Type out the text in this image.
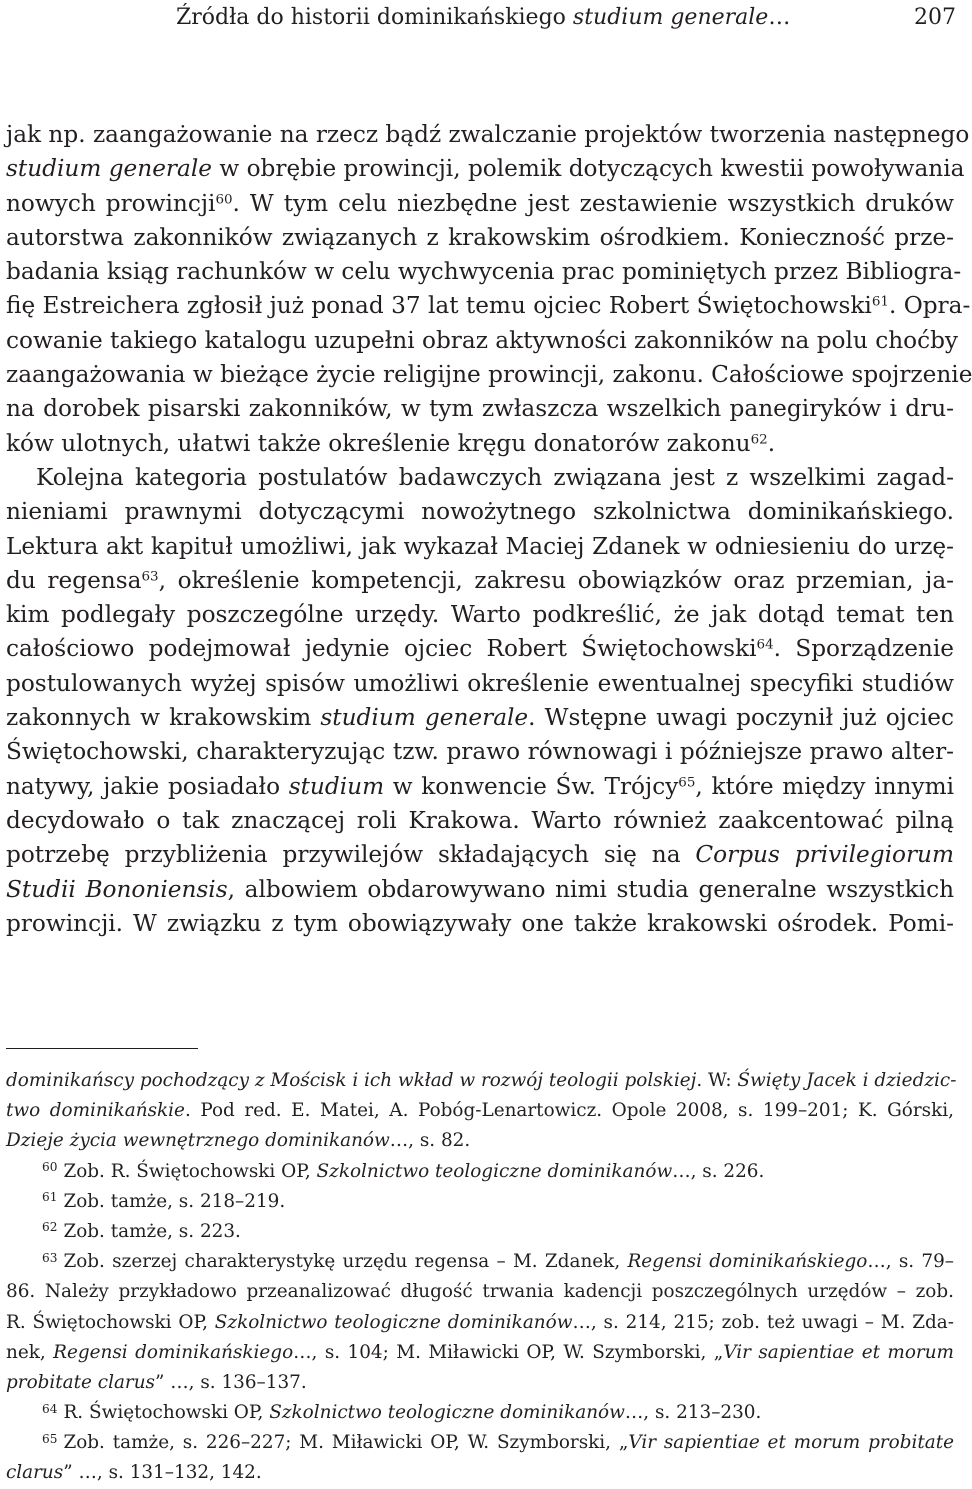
Źródła do historii dominikańskiego studium generale…	207
jak np. zaangażowanie na rzecz bądź zwalczanie projektów tworzenia następnego
studium generale w obrębie prowincji, polemik dotyczących kwestii powoływania
nowych prowincji$^{60}$. W tym celu niezbędne jest zestawienie wszystkich druków
autorstwa zakonników związanych z krakowskim ośrodkiem. Konieczność prze-
badania ksiąg rachunków w celu wychwycenia prac pominiętych przez Bibliogra-
fię Estreichera zgłosił już ponad 37 lat temu ojciec Robert Świętochowski$^{61}$. Opra-
cowanie takiego katalogu uzupełni obraz aktywności zakonników na polu choćby
zaangażowania w bieżące życie religijne prowincji, zakonu. Całościowe spojrzenie
na dorobek pisarski zakonników, w tym zwłaszcza wszelkich panegiryków i dru-
ków ulotnych, ułatwi także określenie kręgu donatorów zakonu$^{62}$.
Kolejna kategoria postulatów badawczych związana jest z wszelkimi zagad-
nieniami prawnymi dotyczącymi nowożytnego szkolnictwa dominikańskiego.
Lektura akt kapituł umożliwi, jak wykazał Maciej Zdanek w odniesieniu do urzę-
du regensa$^{63}$, określenie kompetencji, zakresu obowiązków oraz przemian, ja-
kim podlegały poszczególne urzędy. Warto podkreślić, że jak dotąd temat ten
całościowo podejmował jedynie ojciec Robert Świętochowski$^{64}$. Sporządzenie
postulowanych wyżej spisów umożliwi określenie ewentualnej specyfiki studiów
zakonnych w krakowskim studium generale. Wstępne uwagi poczynił już ojciec
Świętochowski, charakteryzując tzw. prawo równowagi i późniejsze prawo alter-
natywy, jakie posiadało studium w konwencie Św. Trójcy$^{65}$, które między innymi
decydowało o tak znaczącej roli Krakowa. Warto również zaakcentować pilną
potrzebę przybliżenia przywilejów składających się na Corpus privilegiorum
Studii Bononiensis, albowiem obdarowywano nimi studia generalne wszystkich
prowincji. W związku z tym obowiązywały one także krakowski ośrodek. Pomi-
dominikańscy pochodzący z Mościsk i ich wkład w rozwój teologii polskiej. W: Święty Jacek i dziedzic-
two dominikańskie. Pod red. E. Matei, A. Pobóg-Lenartowicz. Opole 2008, s. 199–201; K. Górski,
Dzieje życia wewnętrznego dominikanów…, s. 82.
$^{60}$ Zob. R. Świętochowski OP, Szkolnictwo teologiczne dominikanów…, s. 226.
$^{61}$ Zob. tamże, s. 218–219.
$^{62}$ Zob. tamże, s. 223.
$^{63}$ Zob. szerzej charakterystykę urzędu regensa – M. Zdanek, Regensi dominikańskiego…, s. 79–
86. Należy przykładowo przeanalizować długość trwania kadencji poszczególnych urzędów – zob.
R. Świętochowski OP, Szkolnictwo teologiczne dominikanów…, s. 214, 215; zob. też uwagi – M. Zda-
nek, Regensi dominikańskiego…, s. 104; M. Miławicki OP, W. Szymborski, „Vir sapientiae et morum
probitate clarus” …, s. 136–137.
$^{64}$ R. Świętochowski OP, Szkolnictwo teologiczne dominikanów…, s. 213–230.
$^{65}$ Zob. tamże, s. 226–227; M. Miławicki OP, W. Szymborski, „Vir sapientiae et morum probitate
clarus” …, s. 131–132, 142.
